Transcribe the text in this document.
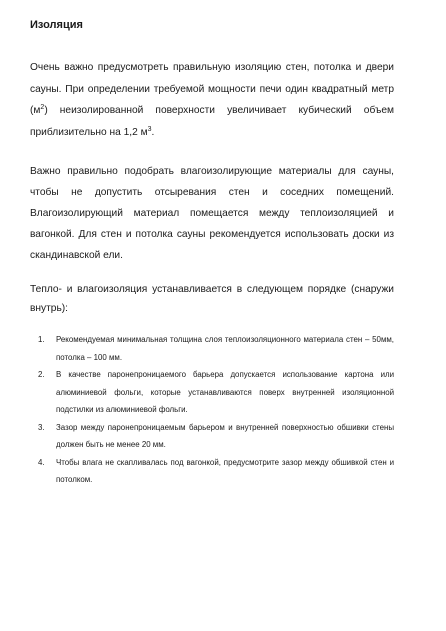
Изоляция
Очень важно предусмотреть правильную изоляцию стен, потолка и двери
сауны. При определении требуемой мощности печи один квадратный метр
$(м^2)$ неизолированной поверхности увеличивает кубический объем
приблизительно на 1,2 $м^3$.
Важно правильно подобрать влагоизолирующие материалы для сауны, чтобы не допустить отсыревания стен и соседних помещений. Влагоизолирующий материал помещается между теплоизоляцией и вагонкой. Для стен и потолка сауны рекомендуется использовать доски из скандинавской ели.
Тепло- и влагоизоляция устанавливается в следующем порядке (снаружи внутрь):
1. Рекомендуемая минимальная толщина слоя теплоизоляционного материала стен – 50мм, потолка – 100 мм.
2. В качестве паронепроницаемого барьера допускается использование картона или алюминиевой фольги, которые устанавливаются поверх внутренней изоляционной подстилки из алюминиевой фольги.
3. Зазор между паронепроницаемым барьером и внутренней поверхностью обшивки стены должен быть не менее 20 мм.
4. Чтобы влага не скапливалась под вагонкой, предусмотрите зазор между обшивкой стен и потолком.
